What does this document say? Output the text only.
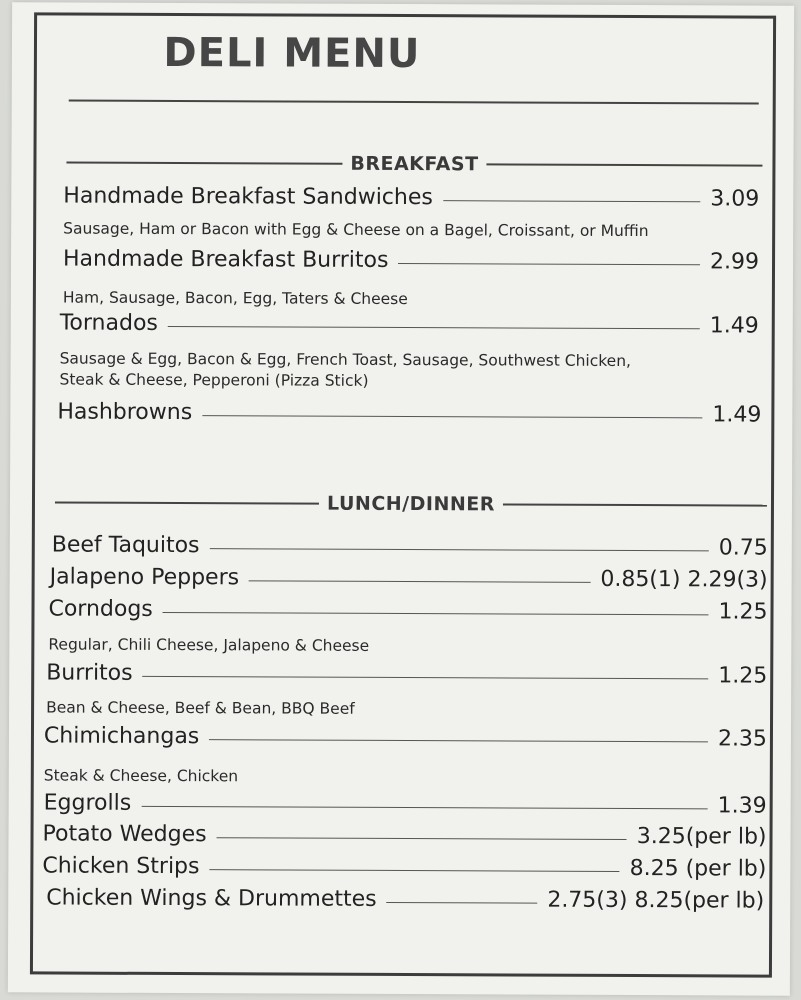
DELI MENU
BREAKFAST
Handmade Breakfast Sandwiches	3.09
Sausage, Ham or Bacon with Egg & Cheese on a Bagel, Croissant, or Muffin
Handmade Breakfast Burritos	2.99
Ham, Sausage, Bacon, Egg, Taters & Cheese
Tornados	1.49
Sausage & Egg, Bacon & Egg, French Toast, Sausage, Southwest Chicken,
Steak & Cheese, Pepperoni (Pizza Stick)
Hashbrowns	1.49
LUNCH/DINNER
Beef Taquitos	0.75
Jalapeno Peppers	0.85(1) 2.29(3)
Corndogs	1.25
Regular, Chili Cheese, Jalapeno & Cheese
Burritos	1.25
Bean & Cheese, Beef & Bean, BBQ Beef
Chimichangas	2.35
Steak & Cheese, Chicken
Eggrolls	1.39
Potato Wedges	3.25(per lb)
Chicken Strips	8.25 (per lb)
Chicken Wings & Drummettes	2.75(3) 8.25(per lb)
